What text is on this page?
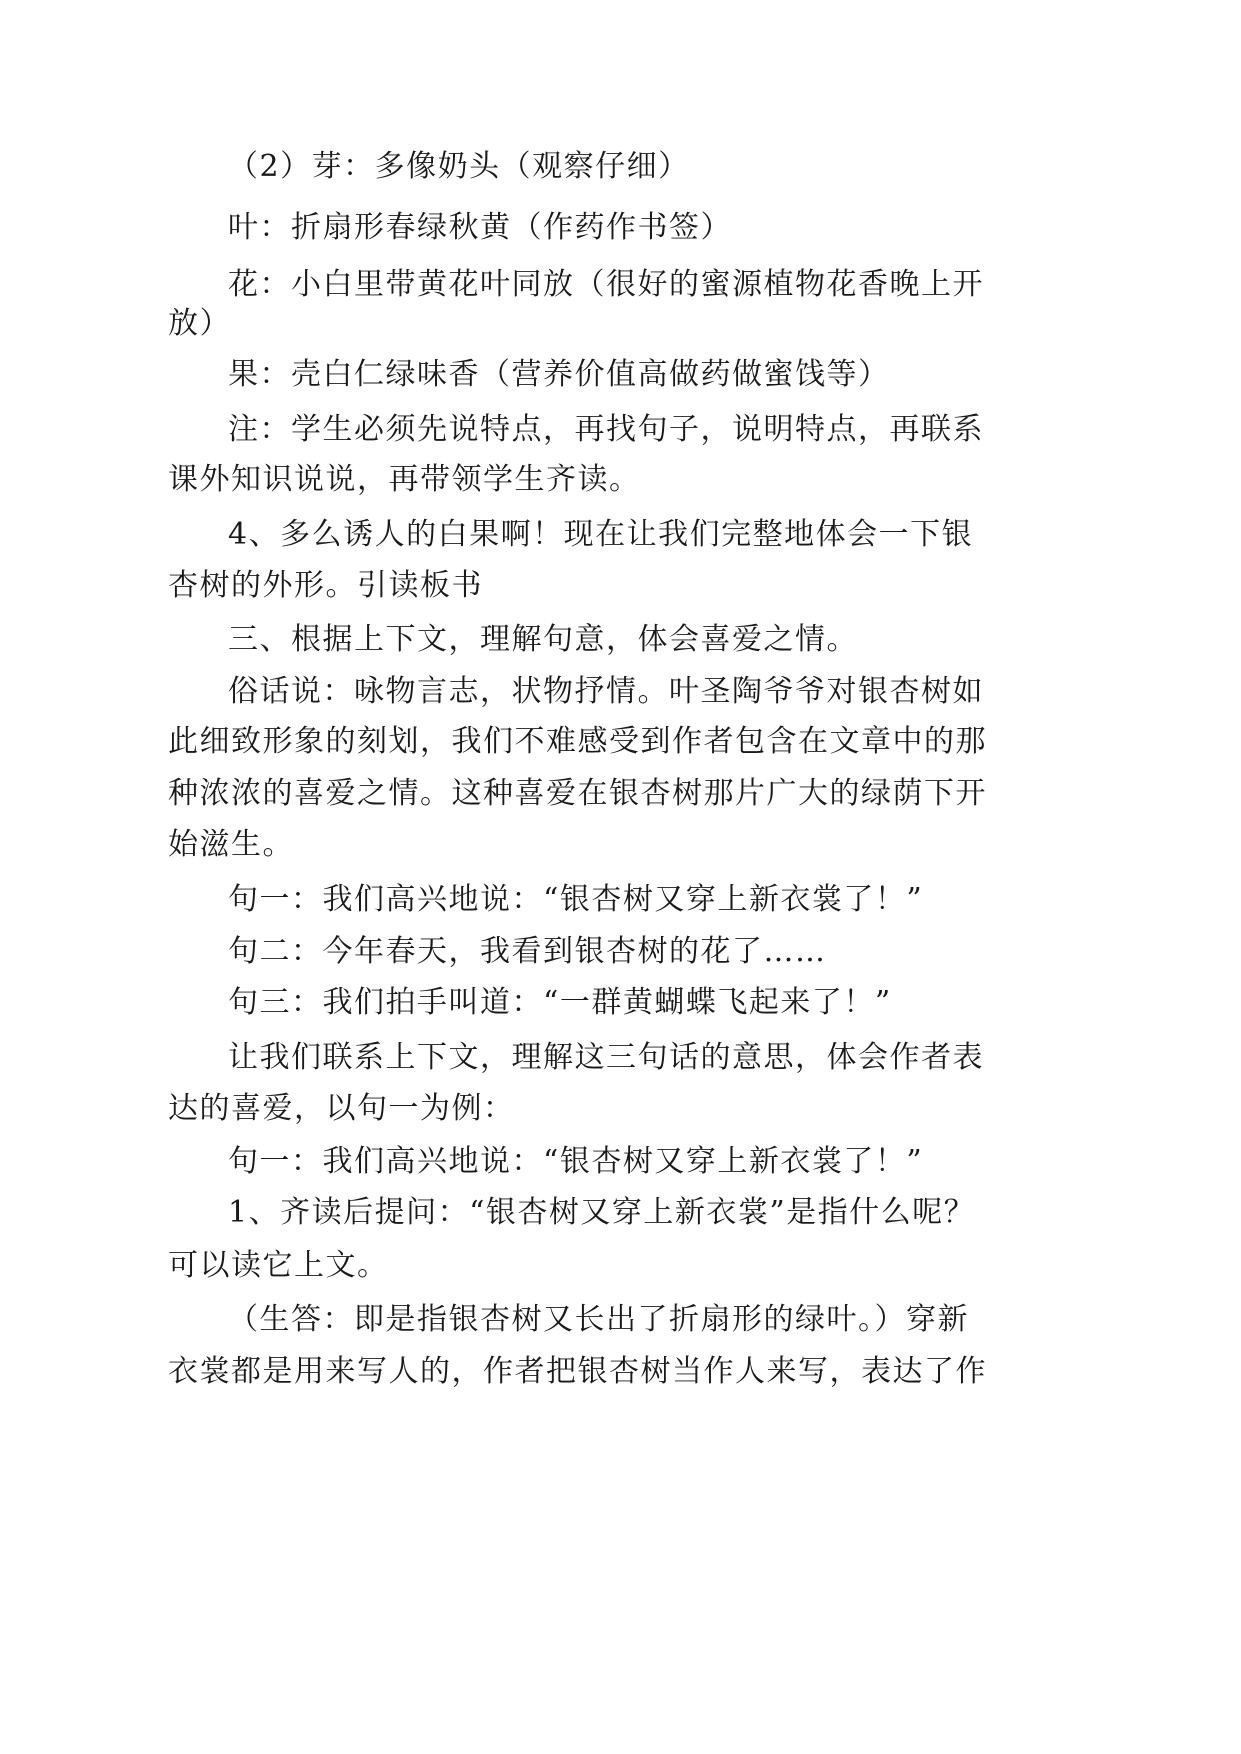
（2）芽：多像奶头（观察仔细）
叶：折扇形春绿秋黄（作药作书签）
花：小白里带黄花叶同放（很好的蜜源植物花香晚上开
放）
果：壳白仁绿味香（营养价值高做药做蜜饯等）
注：学生必须先说特点，再找句子，说明特点，再联系
课外知识说说，再带领学生齐读。
4、多么诱人的白果啊！现在让我们完整地体会一下银
杏树的外形。引读板书
三、根据上下文，理解句意，体会喜爱之情。
俗话说：咏物言志，状物抒情。叶圣陶爷爷对银杏树如
此细致形象的刻划，我们不难感受到作者包含在文章中的那
种浓浓的喜爱之情。这种喜爱在银杏树那片广大的绿荫下开
始滋生。
句一：我们高兴地说：“银杏树又穿上新衣裳了！”
句二：今年春天，我看到银杏树的花了……
句三：我们拍手叫道：“一群黄蝴蝶飞起来了！”
让我们联系上下文，理解这三句话的意思，体会作者表
达的喜爱，以句一为例：
句一：我们高兴地说：“银杏树又穿上新衣裳了！”
1、齐读后提问：“银杏树又穿上新衣裳”是指什么呢？
可以读它上文。
（生答：即是指银杏树又长出了折扇形的绿叶。）穿新
衣裳都是用来写人的，作者把银杏树当作人来写，表达了作
